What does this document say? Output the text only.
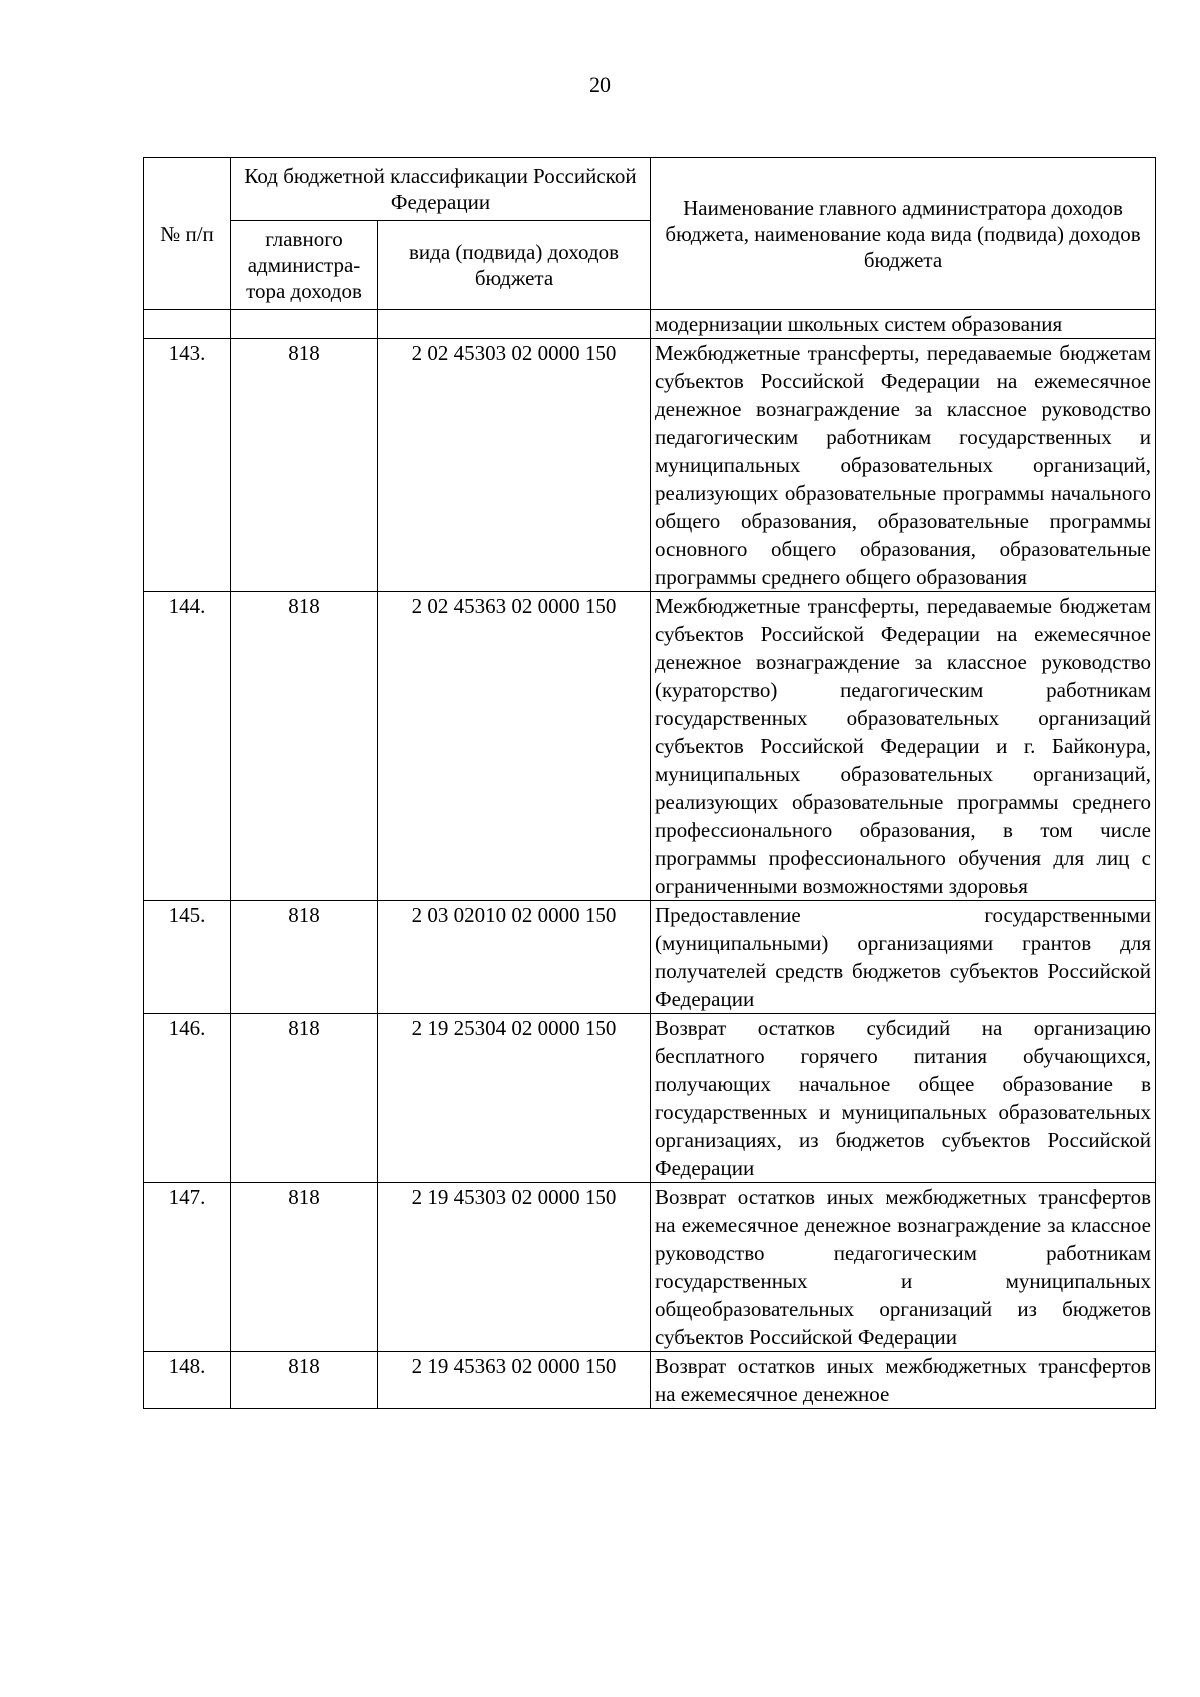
20
№ п/п	Код бюджетной классификации Российской Федерации		Наименование главного администратора доходов бюджета, наименование кода вида (подвида) доходов бюджета
	главного администра-тора доходов	вида (подвида) доходов бюджета	
			модернизации школьных систем образования
143.	818	2 02 45303 02 0000 150	Межбюджетные трансферты, передаваемые бюджетам субъектов Российской Федерации на ежемесячное денежное вознаграждение за классное руководство педагогическим работникам государственных и муниципальных образовательных организаций, реализующих образовательные программы начального общего образования, образовательные программы основного общего образования, образовательные программы среднего общего образования
144.	818	2 02 45363 02 0000 150	Межбюджетные трансферты, передаваемые бюджетам субъектов Российской Федерации на ежемесячное денежное вознаграждение за классное руководство (кураторство) педагогическим работникам государственных образовательных организаций субъектов Российской Федерации и г. Байконура, муниципальных образовательных организаций, реализующих образовательные программы среднего профессионального образования, в том числе программы профессионального обучения для лиц с ограниченными возможностями здоровья
145.	818	2 03 02010 02 0000 150	Предоставление государственными (муниципальными) организациями грантов для получателей средств бюджетов субъектов Российской Федерации
146.	818	2 19 25304 02 0000 150	Возврат остатков субсидий на организацию бесплатного горячего питания обучающихся, получающих начальное общее образование в государственных и муниципальных образовательных организациях, из бюджетов субъектов Российской Федерации
147.	818	2 19 45303 02 0000 150	Возврат остатков иных межбюджетных трансфертов на ежемесячное денежное вознаграждение за классное руководство педагогическим работникам государственных и муниципальных общеобразовательных организаций из бюджетов субъектов Российской Федерации
148.	818	2 19 45363 02 0000 150	Возврат остатков иных межбюджетных трансфертов на ежемесячное денежное
